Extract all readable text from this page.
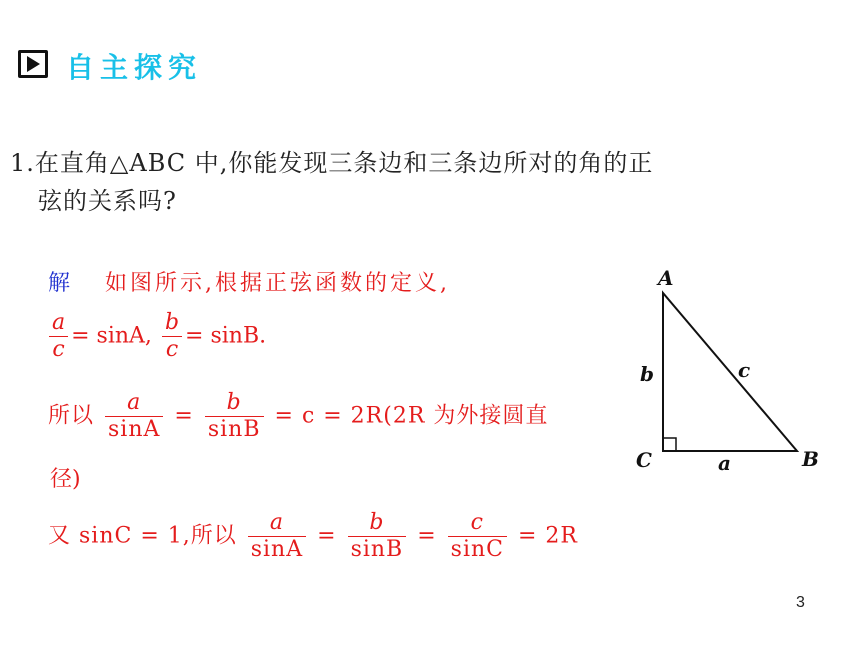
自主探究
1.在直角△ABC 中,你能发现三条边和三条边所对的角的正
弦的关系吗?
解 如图所示,根据正弦函数的定义,
$\frac{a}{c} = \sin A$, $\frac{b}{c} = \sin B$.
所以 $\frac{a}{\sin A} = \frac{b}{\sin B} = c = 2R(2R$ 为外接圆直
径)
又 sinC = 1,所以 $\frac{a}{\sin A} = \frac{b}{\sin B} = \frac{c}{\sin C} = 2R$
A
C	B
b	c
a
3
